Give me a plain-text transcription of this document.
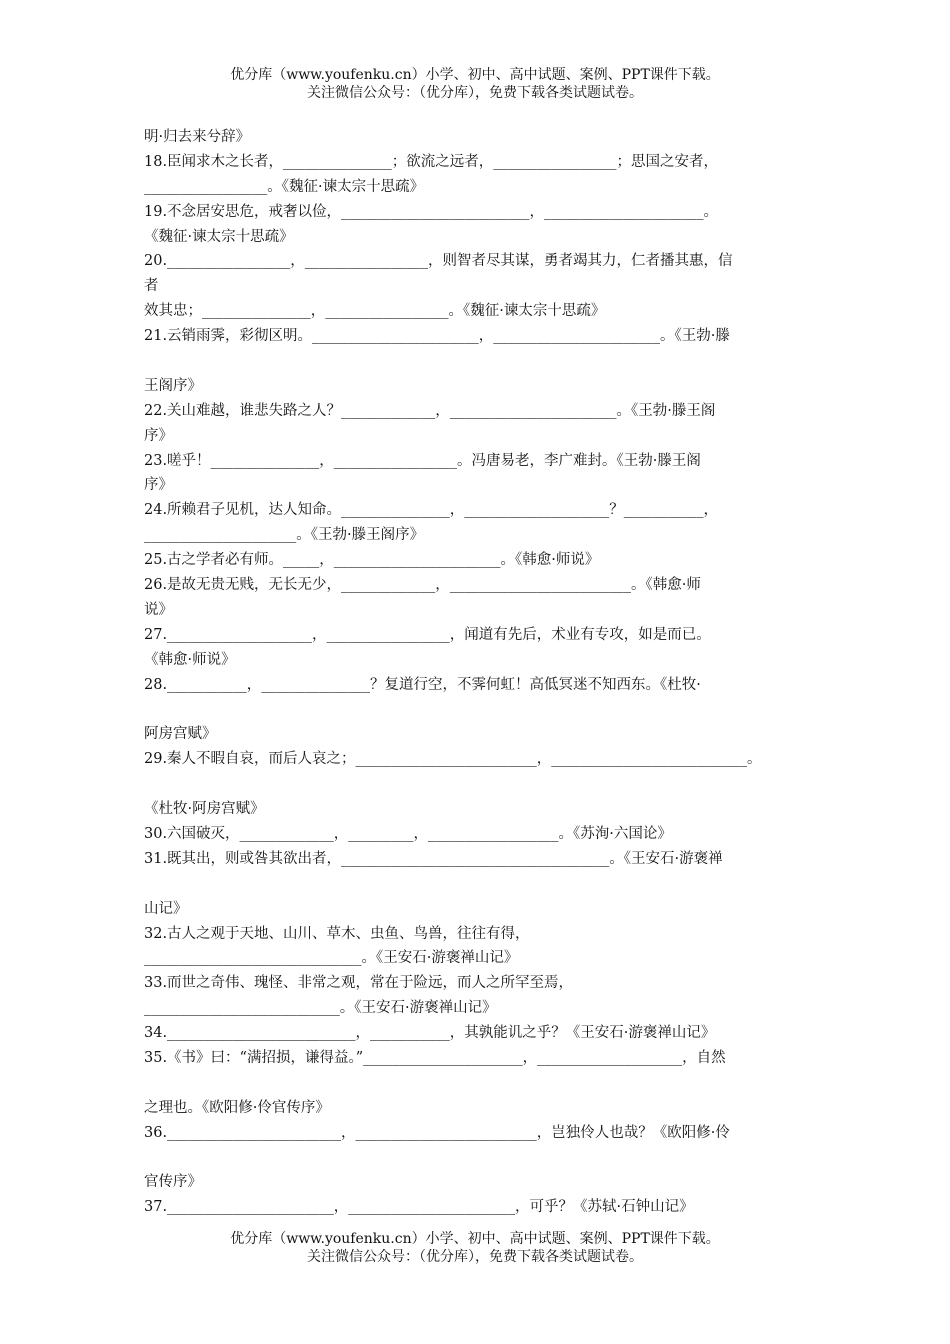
优分库（www.youfenku.cn）小学、初中、高中试题、案例、PPT课件下载。
关注微信公众号：（优分库），免费下载各类试题试卷。
明·归去来兮辞》
18.臣闻求木之长者，_______________；欲流之远者，_________________；思国之安者，
_________________。《魏征·谏太宗十思疏》
19.不念居安思危，戒奢以俭，__________________________，______________________。
《魏征·谏太宗十思疏》
20._________________，_________________，则智者尽其谋，勇者竭其力，仁者播其惠，信
者
效其忠；_______________，_________________。《魏征·谏太宗十思疏》
21.云销雨霁，彩彻区明。_______________________，_______________________。《王勃·滕
王阁序》
22.关山难越，谁悲失路之人？_____________，_______________________。《王勃·滕王阁
序》
23.嗟乎！_______________，_________________。冯唐易老，李广难封。《王勃·滕王阁
序》
24.所赖君子见机，达人知命。_______________，____________________？___________，
_____________________。《王勃·滕王阁序》
25.古之学者必有师。_____，_______________________。《韩愈·师说》
26.是故无贵无贱，无长无少，_____________，_________________________。《韩愈·师
说》
27.____________________，_________________，闻道有先后，术业有专攻，如是而已。
《韩愈·师说》
28.___________，_______________？复道行空，不霁何虹！高低冥迷不知西东。《杜牧·
阿房宫赋》
29.秦人不暇自哀，而后人哀之；_________________________，___________________________。
《杜牧·阿房宫赋》
30.六国破灭，_____________，_________，__________________。《苏洵·六国论》
31.既其出，则或咎其欲出者，_____________________________________。《王安石·游褒禅
山记》
32.古人之观于天地、山川、草木、虫鱼、鸟兽，往往有得，
______________________________。《王安石·游褒禅山记》
33.而世之奇伟、瑰怪、非常之观，常在于险远，而人之所罕至焉，
___________________________。《王安石·游褒禅山记》
34.__________________________，___________，其孰能讥之乎？《王安石·游褒禅山记》
35.《书》曰：“满招损，谦得益。”______________________，____________________，自然
之理也。《欧阳修·伶官传序》
36.________________________，_________________________，岂独伶人也哉？《欧阳修·伶
官传序》
37._______________________，_______________________，可乎？《苏轼·石钟山记》
优分库（www.youfenku.cn）小学、初中、高中试题、案例、PPT课件下载。
关注微信公众号：（优分库），免费下载各类试题试卷。
